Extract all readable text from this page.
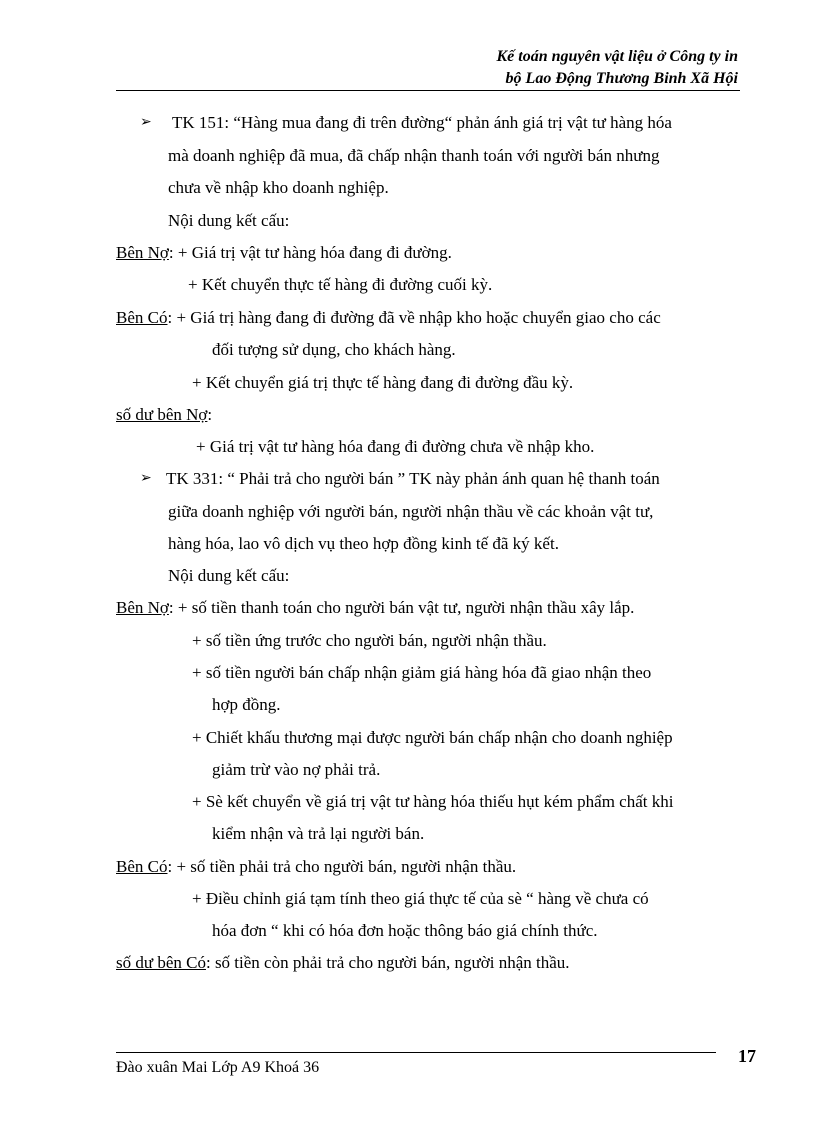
Kế toán nguyên vật liệu ở Công ty in
bộ Lao Động Thương Binh Xã Hội
➢ TK 151: “Hàng mua đang đi trên đường“ phản ánh giá trị vật tư hàng hóa
mà doanh nghiệp đã mua, đã chấp nhận thanh toán với người bán nhưng
chưa về nhập kho doanh nghiệp.
Nội dung kết cấu:
Bên Nợ: + Giá trị vật tư hàng hóa đang đi đường.
+ Kết chuyển thực tế hàng đi đường cuối kỳ.
Bên Có: + Giá trị hàng đang đi đường đã về nhập kho hoặc chuyển giao cho các
đối tượng sử dụng, cho khách hàng.
+ Kết chuyển giá trị thực tế hàng đang đi đường đầu kỳ.
số dư bên Nợ:
+ Giá trị vật tư hàng hóa đang đi đường chưa về nhập kho.
➢ TK 331: “ Phải trả cho người bán ” TK này phản ánh quan hệ thanh toán
giữa doanh nghiệp với người bán, người nhận thầu về các khoản vật tư,
hàng hóa, lao vô dịch vụ theo hợp đồng kinh tế đã ký kết.
Nội dung kết cấu:
Bên Nợ: + số tiền thanh toán cho người bán vật tư, người nhận thầu xây lắp.
+ số tiền ứng trước cho người bán, người nhận thầu.
+ số tiền người bán chấp nhận giảm giá hàng hóa đã giao nhận theo
hợp đồng.
+ Chiết khấu thương mại được người bán chấp nhận cho doanh nghiệp
giảm trừ vào nợ phải trả.
+ Sè kết chuyển về giá trị vật tư hàng hóa thiếu hụt kém phẩm chất khi
kiểm nhận và trả lại người bán.
Bên Có: + số tiền phải trả cho người bán, người nhận thầu.
+ Điều chỉnh giá tạm tính theo giá thực tế của sè “ hàng về chưa có
hóa đơn “ khi có hóa đơn hoặc thông báo giá chính thức.
số dư bên Có: số tiền còn phải trả cho người bán, người nhận thầu.
Đào xuân Mai Lớp A9 Khoá 36
17
